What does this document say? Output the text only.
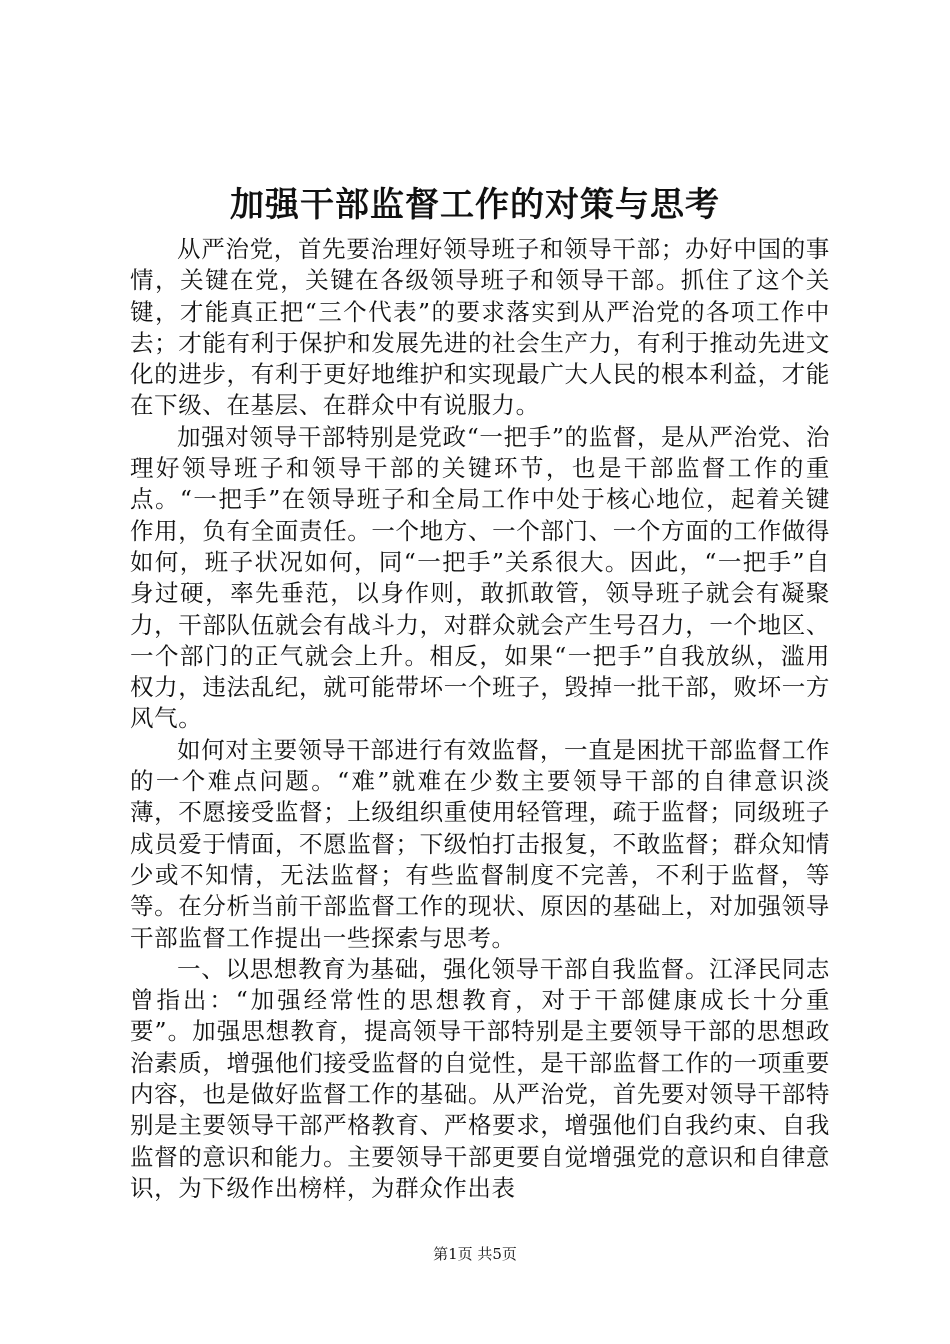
加强干部监督工作的对策与思考

从严治党，首先要治理好领导班子和领导干部；办好中国的事情，关键在党，关键在各级领导班子和领导干部。抓住了这个关键，才能真正把“三个代表”的要求落实到从严治党的各项工作中去；才能有利于保护和发展先进的社会生产力，有利于推动先进文化的进步，有利于更好地维护和实现最广大人民的根本利益，才能在下级、在基层、在群众中有说服力。

加强对领导干部特别是党政“一把手”的监督，是从严治党、治理好领导班子和领导干部的关键环节，也是干部监督工作的重点。“一把手”在领导班子和全局工作中处于核心地位，起着关键作用，负有全面责任。一个地方、一个部门、一个方面的工作做得如何，班子状况如何，同“一把手”关系很大。因此，“一把手”自身过硬，率先垂范，以身作则，敢抓敢管，领导班子就会有凝聚力，干部队伍就会有战斗力，对群众就会产生号召力，一个地区、一个部门的正气就会上升。相反，如果“一把手”自我放纵，滥用权力，违法乱纪，就可能带坏一个班子，毁掉一批干部，败坏一方风气。

如何对主要领导干部进行有效监督，一直是困扰干部监督工作的一个难点问题。“难”就难在少数主要领导干部的自律意识淡薄，不愿接受监督；上级组织重使用轻管理，疏于监督；同级班子成员爱于情面，不愿监督；下级怕打击报复，不敢监督；群众知情少或不知情，无法监督；有些监督制度不完善，不利于监督，等等。在分析当前干部监督工作的现状、原因的基础上，对加强领导干部监督工作提出一些探索与思考。

一、以思想教育为基础，强化领导干部自我监督。江泽民同志曾指出：“加强经常性的思想教育，对于干部健康成长十分重要”。加强思想教育，提高领导干部特别是主要领导干部的思想政治素质，增强他们接受监督的自觉性，是干部监督工作的一项重要内容，也是做好监督工作的基础。从严治党，首先要对领导干部特别是主要领导干部严格教育、严格要求，增强他们自我约束、自我监督的意识和能力。主要领导干部更要自觉增强党的意识和自律意识，为下级作出榜样，为群众作出表

第1页 共5页
